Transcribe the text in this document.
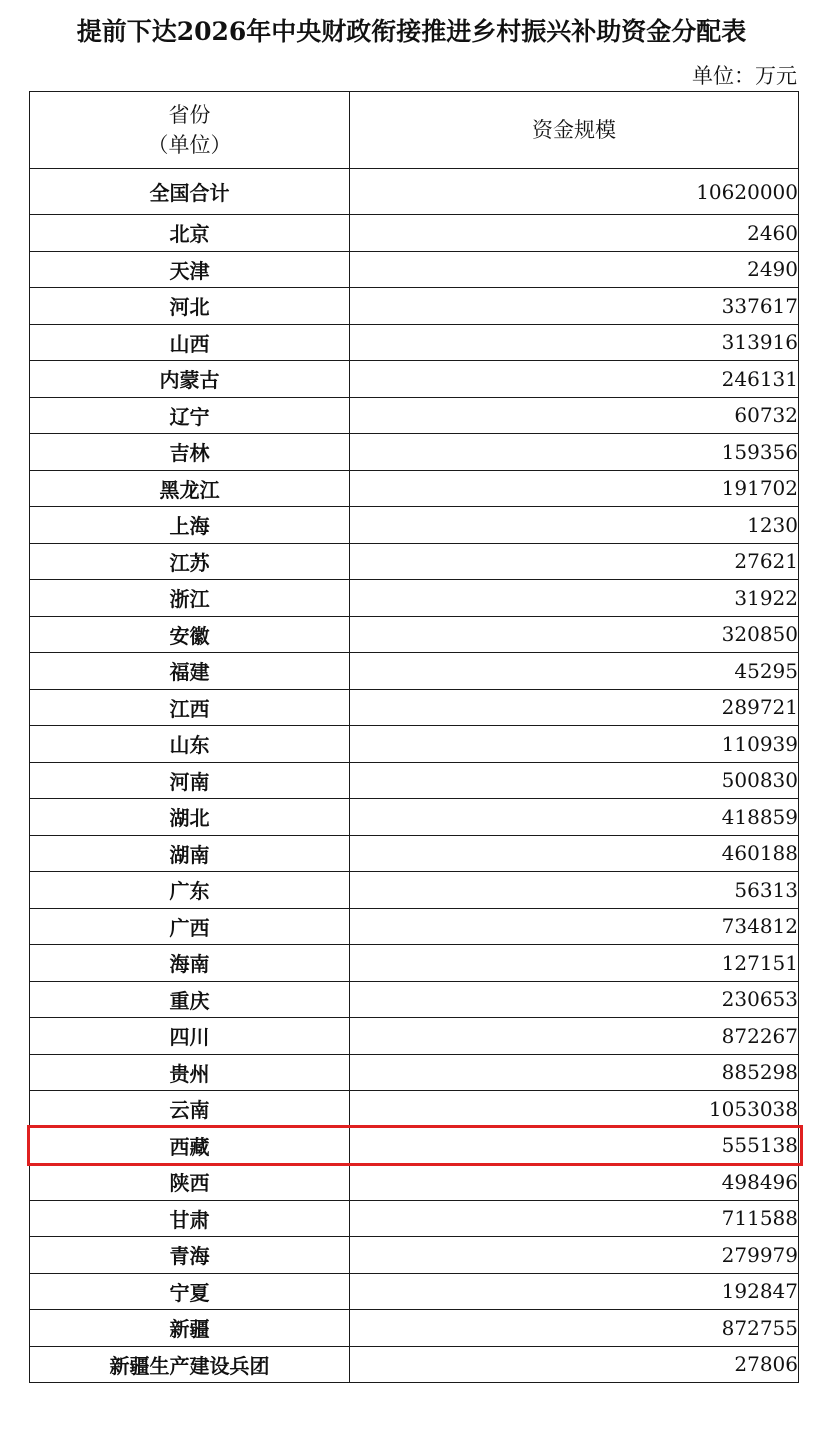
提前下达2026年中央财政衔接推进乡村振兴补助资金分配表
单位：万元
省份
（单位）	资金规模
全国合计	10620000
北京	2460
天津	2490
河北	337617
山西	313916
内蒙古	246131
辽宁	60732
吉林	159356
黑龙江	191702
上海	1230
江苏	27621
浙江	31922
安徽	320850
福建	45295
江西	289721
山东	110939
河南	500830
湖北	418859
湖南	460188
广东	56313
广西	734812
海南	127151
重庆	230653
四川	872267
贵州	885298
云南	1053038
西藏	555138
陕西	498496
甘肃	711588
青海	279979
宁夏	192847
新疆	872755
新疆生产建设兵团	27806
